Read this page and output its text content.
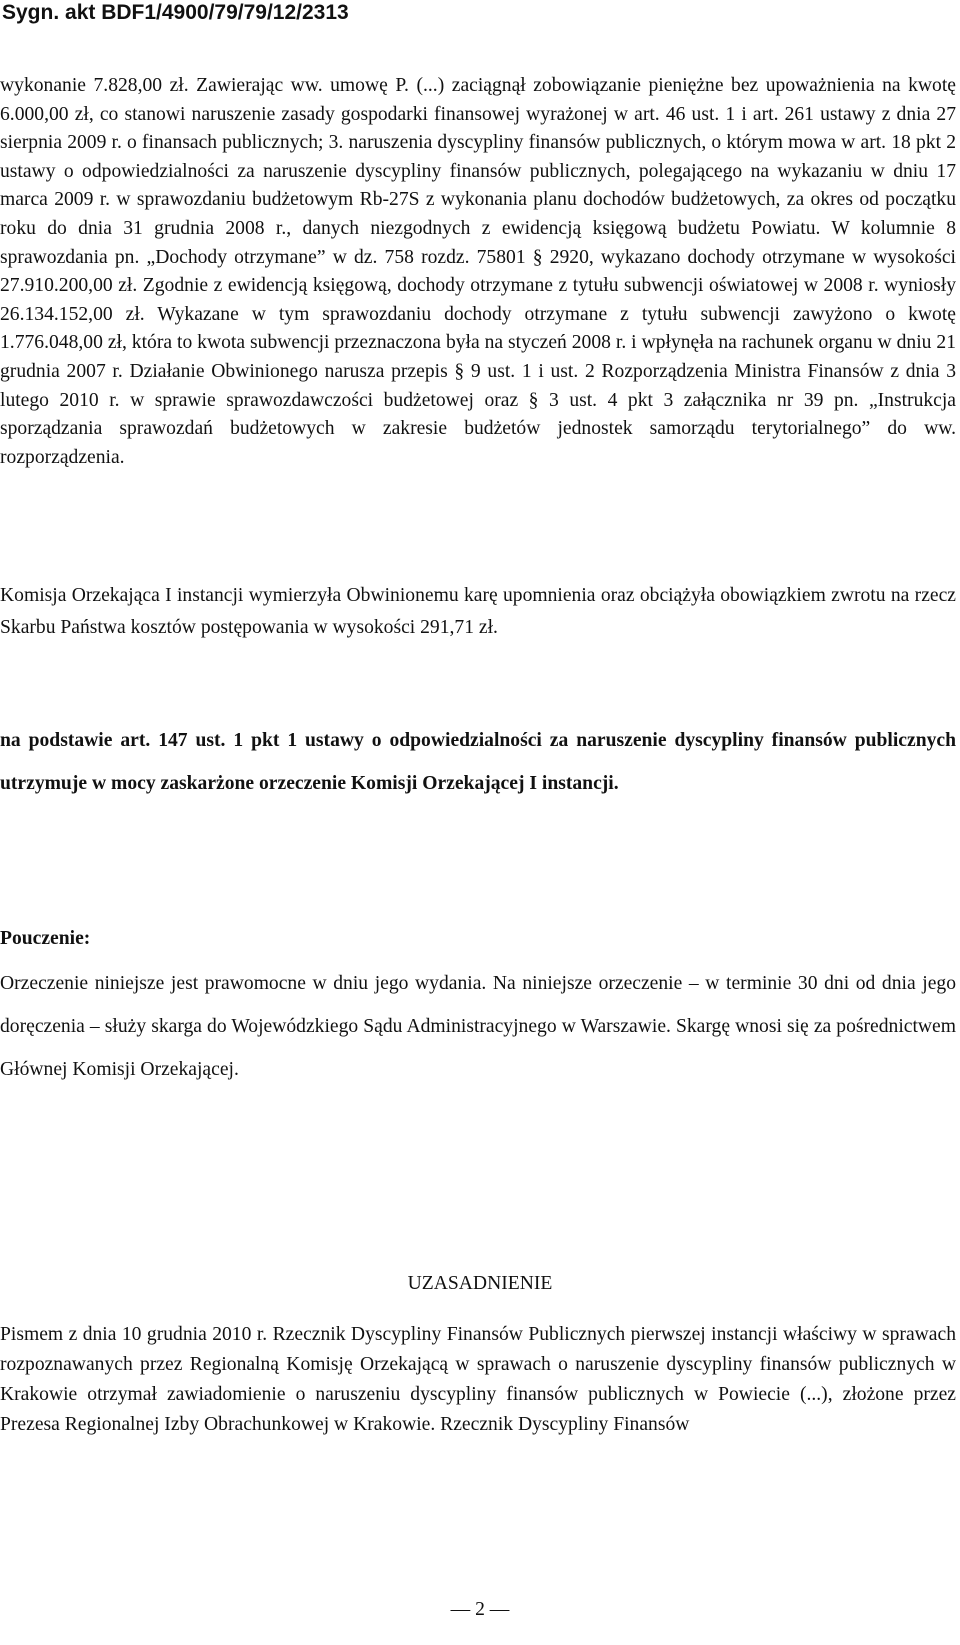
Sygn. akt BDF1/4900/79/79/12/2313
wykonanie 7.828,00 zł. Zawierając ww. umowę P. (...) zaciągnął zobowiązanie pieniężne bez upoważnienia na kwotę 6.000,00 zł, co stanowi naruszenie zasady gospodarki finansowej wyrażonej w art. 46 ust. 1 i art. 261 ustawy z dnia 27 sierpnia 2009 r. o finansach publicznych; 3. naruszenia dyscypliny finansów publicznych, o którym mowa w art. 18 pkt 2 ustawy o odpowiedzialności za naruszenie dyscypliny finansów publicznych, polegającego na wykazaniu w dniu 17 marca 2009 r. w sprawozdaniu budżetowym Rb-27S z wykonania planu dochodów budżetowych, za okres od początku roku do dnia 31 grudnia 2008 r., danych niezgodnych z ewidencją księgową budżetu Powiatu. W kolumnie 8 sprawozdania pn. „Dochody otrzymane” w dz. 758 rozdz. 75801 § 2920, wykazano dochody otrzymane w wysokości 27.910.200,00 zł. Zgodnie z ewidencją księgową, dochody otrzymane z tytułu subwencji oświatowej w 2008 r. wyniosły 26.134.152,00 zł. Wykazane w tym sprawozdaniu dochody otrzymane z tytułu subwencji zawyżono o kwotę 1.776.048,00 zł, która to kwota subwencji przeznaczona była na styczeń 2008 r. i wpłynęła na rachunek organu w dniu 21 grudnia 2007 r. Działanie Obwinionego narusza przepis § 9 ust. 1 i ust. 2 Rozporządzenia Ministra Finansów z dnia 3 lutego 2010 r. w sprawie sprawozdawczości budżetowej oraz § 3 ust. 4 pkt 3 załącznika nr 39 pn. „Instrukcja sporządzania sprawozdań budżetowych w zakresie budżetów jednostek samorządu terytorialnego” do ww. rozporządzenia.
Komisja Orzekająca I instancji wymierzyła Obwinionemu karę upomnienia oraz obciążyła obowiązkiem zwrotu na rzecz Skarbu Państwa kosztów postępowania w wysokości 291,71 zł.
na podstawie art. 147 ust. 1 pkt 1 ustawy o odpowiedzialności za naruszenie dyscypliny finansów publicznych utrzymuje w mocy zaskarżone orzeczenie Komisji Orzekającej I instancji.
Pouczenie:
Orzeczenie niniejsze jest prawomocne w dniu jego wydania. Na niniejsze orzeczenie – w terminie 30 dni od dnia jego doręczenia – służy skarga do Wojewódzkiego Sądu Administracyjnego w Warszawie. Skargę wnosi się za pośrednictwem Głównej Komisji Orzekającej.
UZASADNIENIE
Pismem z dnia 10 grudnia 2010 r. Rzecznik Dyscypliny Finansów Publicznych pierwszej instancji właściwy w sprawach rozpoznawanych przez Regionalną Komisję Orzekającą w sprawach o naruszenie dyscypliny finansów publicznych w Krakowie otrzymał zawiadomienie o naruszeniu dyscypliny finansów publicznych w Powiecie (...), złożone przez Prezesa Regionalnej Izby Obrachunkowej w Krakowie. Rzecznik Dyscypliny Finansów
— 2 —
